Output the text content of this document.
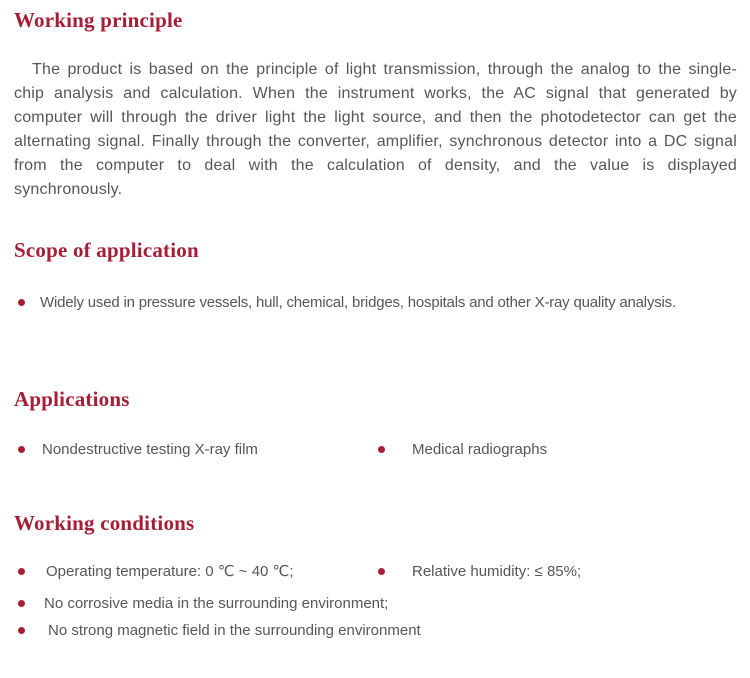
Working principle

The product is based on the principle of light transmission, through the analog to the single-chip analysis and calculation. When the instrument works, the AC signal that generated by computer will through the driver light the light source, and then the photodetector can get the alternating signal. Finally through the converter, amplifier, synchronous detector into a DC signal from the computer to deal with the calculation of density, and the value is displayed synchronously.

Scope of application
Widely used in pressure vessels, hull, chemical, bridges, hospitals and other X-ray quality analysis.
Applications
Nondestructive testing X-ray film	Medical radiographs
Working conditions
Operating temperature: 0 ℃ ~ 40 ℃;	Relative humidity: ≤ 85%;
No corrosive media in the surrounding environment;
No strong magnetic field in the surrounding environment
